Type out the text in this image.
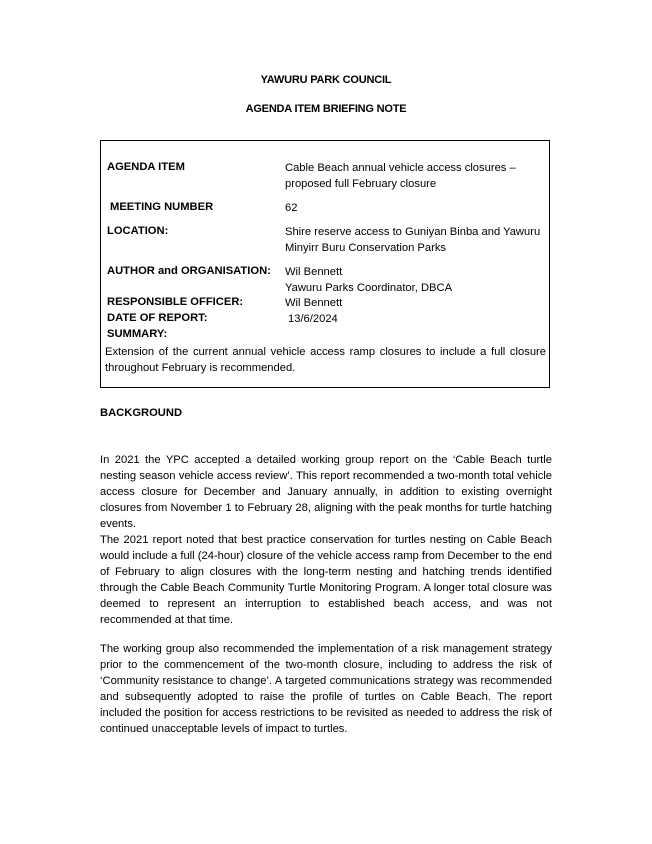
YAWURU PARK COUNCIL
AGENDA ITEM BRIEFING NOTE
AGENDA ITEM	Cable Beach annual vehicle access closures –
proposed full February closure
MEETING NUMBER	62
LOCATION:	Shire reserve access to Guniyan Binba and Yawuru
Minyirr Buru Conservation Parks
AUTHOR and ORGANISATION: Wil Bennett
Yawuru Parks Coordinator, DBCA
RESPONSIBLE OFFICER:	Wil Bennett
DATE OF REPORT:	13/6/2024
SUMMARY:
Extension of the current annual vehicle access ramp closures to include a full closure throughout February is recommended.
BACKGROUND
In 2021 the YPC accepted a detailed working group report on the ‘Cable Beach turtle nesting season vehicle access review’. This report recommended a two-month total vehicle access closure for December and January annually, in addition to existing overnight closures from November 1 to February 28, aligning with the peak months for turtle hatching events.
The 2021 report noted that best practice conservation for turtles nesting on Cable Beach would include a full (24-hour) closure of the vehicle access ramp from December to the end of February to align closures with the long-term nesting and hatching trends identified through the Cable Beach Community Turtle Monitoring Program. A longer total closure was deemed to represent an interruption to established beach access, and was not recommended at that time.
The working group also recommended the implementation of a risk management strategy prior to the commencement of the two-month closure, including to address the risk of ‘Community resistance to change’. A targeted communications strategy was recommended and subsequently adopted to raise the profile of turtles on Cable Beach. The report included the position for access restrictions to be revisited as needed to address the risk of continued unacceptable levels of impact to turtles.
